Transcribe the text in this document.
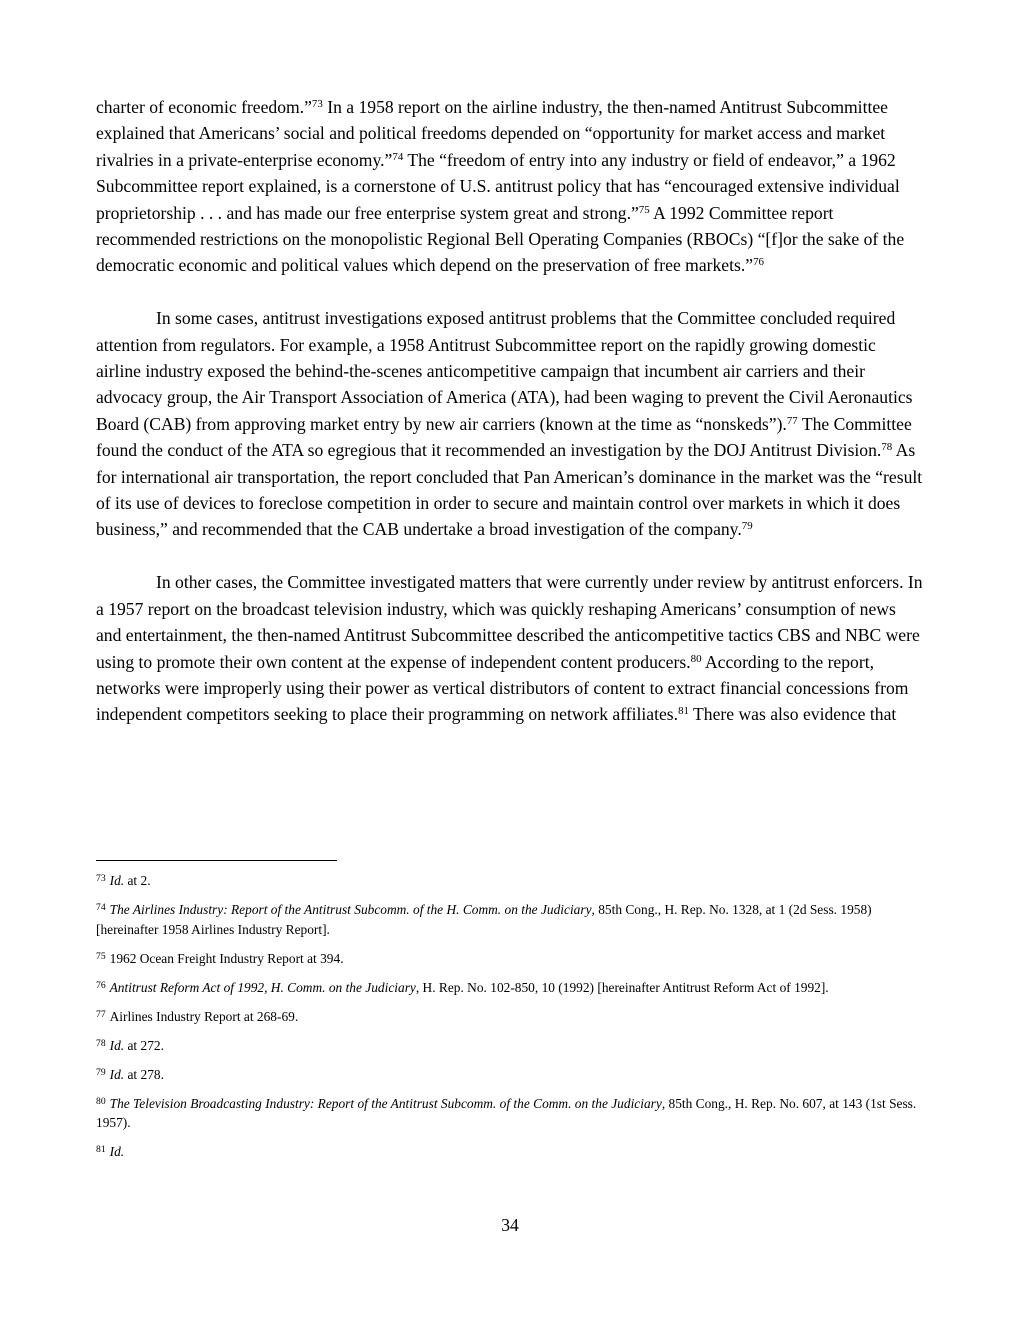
charter of economic freedom.”$^{73}$ In a 1958 report on the airline industry, the then-named Antitrust Subcommittee explained that Americans’ social and political freedoms depended on “opportunity for market access and market rivalries in a private-enterprise economy.”$^{74}$ The “freedom of entry into any industry or field of endeavor,” a 1962 Subcommittee report explained, is a cornerstone of U.S. antitrust policy that has “encouraged extensive individual proprietorship . . . and has made our free enterprise system great and strong.”$^{75}$ A 1992 Committee report recommended restrictions on the monopolistic Regional Bell Operating Companies (RBOCs) “[f]or the sake of the democratic economic and political values which depend on the preservation of free markets.”$^{76}$

In some cases, antitrust investigations exposed antitrust problems that the Committee concluded required attention from regulators. For example, a 1958 Antitrust Subcommittee report on the rapidly growing domestic airline industry exposed the behind-the-scenes anticompetitive campaign that incumbent air carriers and their advocacy group, the Air Transport Association of America (ATA), had been waging to prevent the Civil Aeronautics Board (CAB) from approving market entry by new air carriers (known at the time as “nonskeds”).$^{77}$ The Committee found the conduct of the ATA so egregious that it recommended an investigation by the DOJ Antitrust Division.$^{78}$ As for international air transportation, the report concluded that Pan American’s dominance in the market was the “result of its use of devices to foreclose competition in order to secure and maintain control over markets in which it does business,” and recommended that the CAB undertake a broad investigation of the company.$^{79}$

In other cases, the Committee investigated matters that were currently under review by antitrust enforcers. In a 1957 report on the broadcast television industry, which was quickly reshaping Americans’ consumption of news and entertainment, the then-named Antitrust Subcommittee described the anticompetitive tactics CBS and NBC were using to promote their own content at the expense of independent content producers.$^{80}$ According to the report, networks were improperly using their power as vertical distributors of content to extract financial concessions from independent competitors seeking to place their programming on network affiliates.$^{81}$ There was also evidence that

$^{73}$ Id. at 2.

$^{74}$ The Airlines Industry: Report of the Antitrust Subcomm. of the H. Comm. on the Judiciary, 85th Cong., H. Rep. No. 1328, at 1 (2d Sess. 1958) [hereinafter 1958 Airlines Industry Report].

$^{75}$ 1962 Ocean Freight Industry Report at 394.

$^{76}$ Antitrust Reform Act of 1992, H. Comm. on the Judiciary, H. Rep. No. 102-850, 10 (1992) [hereinafter Antitrust Reform Act of 1992].

$^{77}$ Airlines Industry Report at 268-69.

$^{78}$ Id. at 272.

$^{79}$ Id. at 278.

$^{80}$ The Television Broadcasting Industry: Report of the Antitrust Subcomm. of the Comm. on the Judiciary, 85th Cong., H. Rep. No. 607, at 143 (1st Sess. 1957).

$^{81}$ Id.

34
